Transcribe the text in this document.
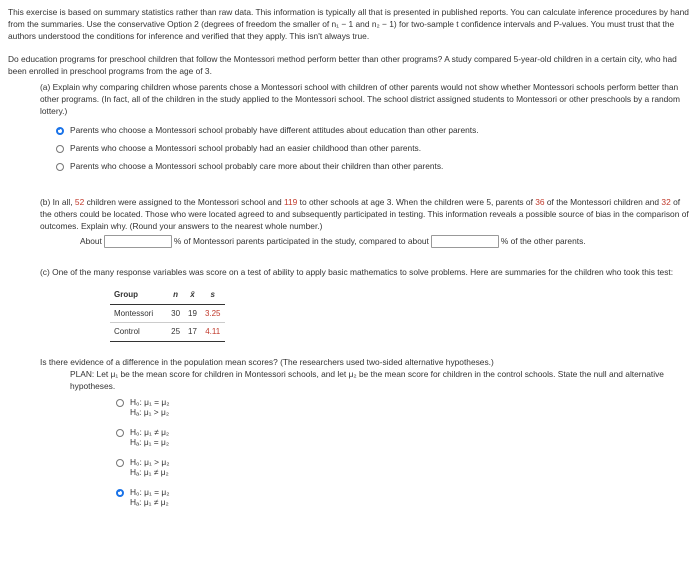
This exercise is based on summary statistics rather than raw data. This information is typically all that is presented in published reports. You can calculate inference procedures by hand from the summaries. Use the conservative Option 2 (degrees of freedom the smaller of n₁ − 1 and n₂ − 1) for two-sample t confidence intervals and P-values. You must trust that the authors understood the conditions for inference and verified that they apply. This isn't always true.

Do education programs for preschool children that follow the Montessori method perform better than other programs? A study compared 5-year-old children in a certain city, who had been enrolled in preschool programs from the age of 3.

(a) Explain why comparing children whose parents chose a Montessori school with children of other parents would not show whether Montessori schools perform better than other programs. (In fact, all of the children in the study applied to the Montessori school. The school district assigned students to Montessori or other preschools by a random lottery.)

Parents who choose a Montessori school probably have different attitudes about education than other parents.
Parents who choose a Montessori school probably had an easier childhood than other parents.
Parents who choose a Montessori school probably care more about their children than other parents.

(b) In all, 52 children were assigned to the Montessori school and 119 to other schools at age 3. When the children were 5, parents of 36 of the Montessori children and 32 of the others could be located. Those who were located agreed to and subsequently participated in testing. This information reveals a possible source of bias in the comparison of outcomes. Explain why. (Round your answers to the nearest whole number.)

About	% of Montessori parents participated in the study, compared to about	% of the other parents.

(c) One of the many response variables was score on a test of ability to apply basic mathematics to solve problems. Here are summaries for the children who took this test:

Group	n	x̄	s
Montessori	30	19	3.25
Control	25	17	4.11

Is there evidence of a difference in the population mean scores? (The researchers used two-sided alternative hypotheses.)

PLAN: Let μ₁ be the mean score for children in Montessori schools, and let μ₂ be the mean score for children in the control schools. State the null and alternative hypotheses.

H₀: μ₁ = μ₂
Hₐ: μ₁ > μ₂
H₀: μ₁ ≠ μ₂
Hₐ: μ₁ = μ₂
H₀: μ₁ > μ₂
Hₐ: μ₁ ≠ μ₂
H₀: μ₁ = μ₂
Hₐ: μ₁ ≠ μ₂
